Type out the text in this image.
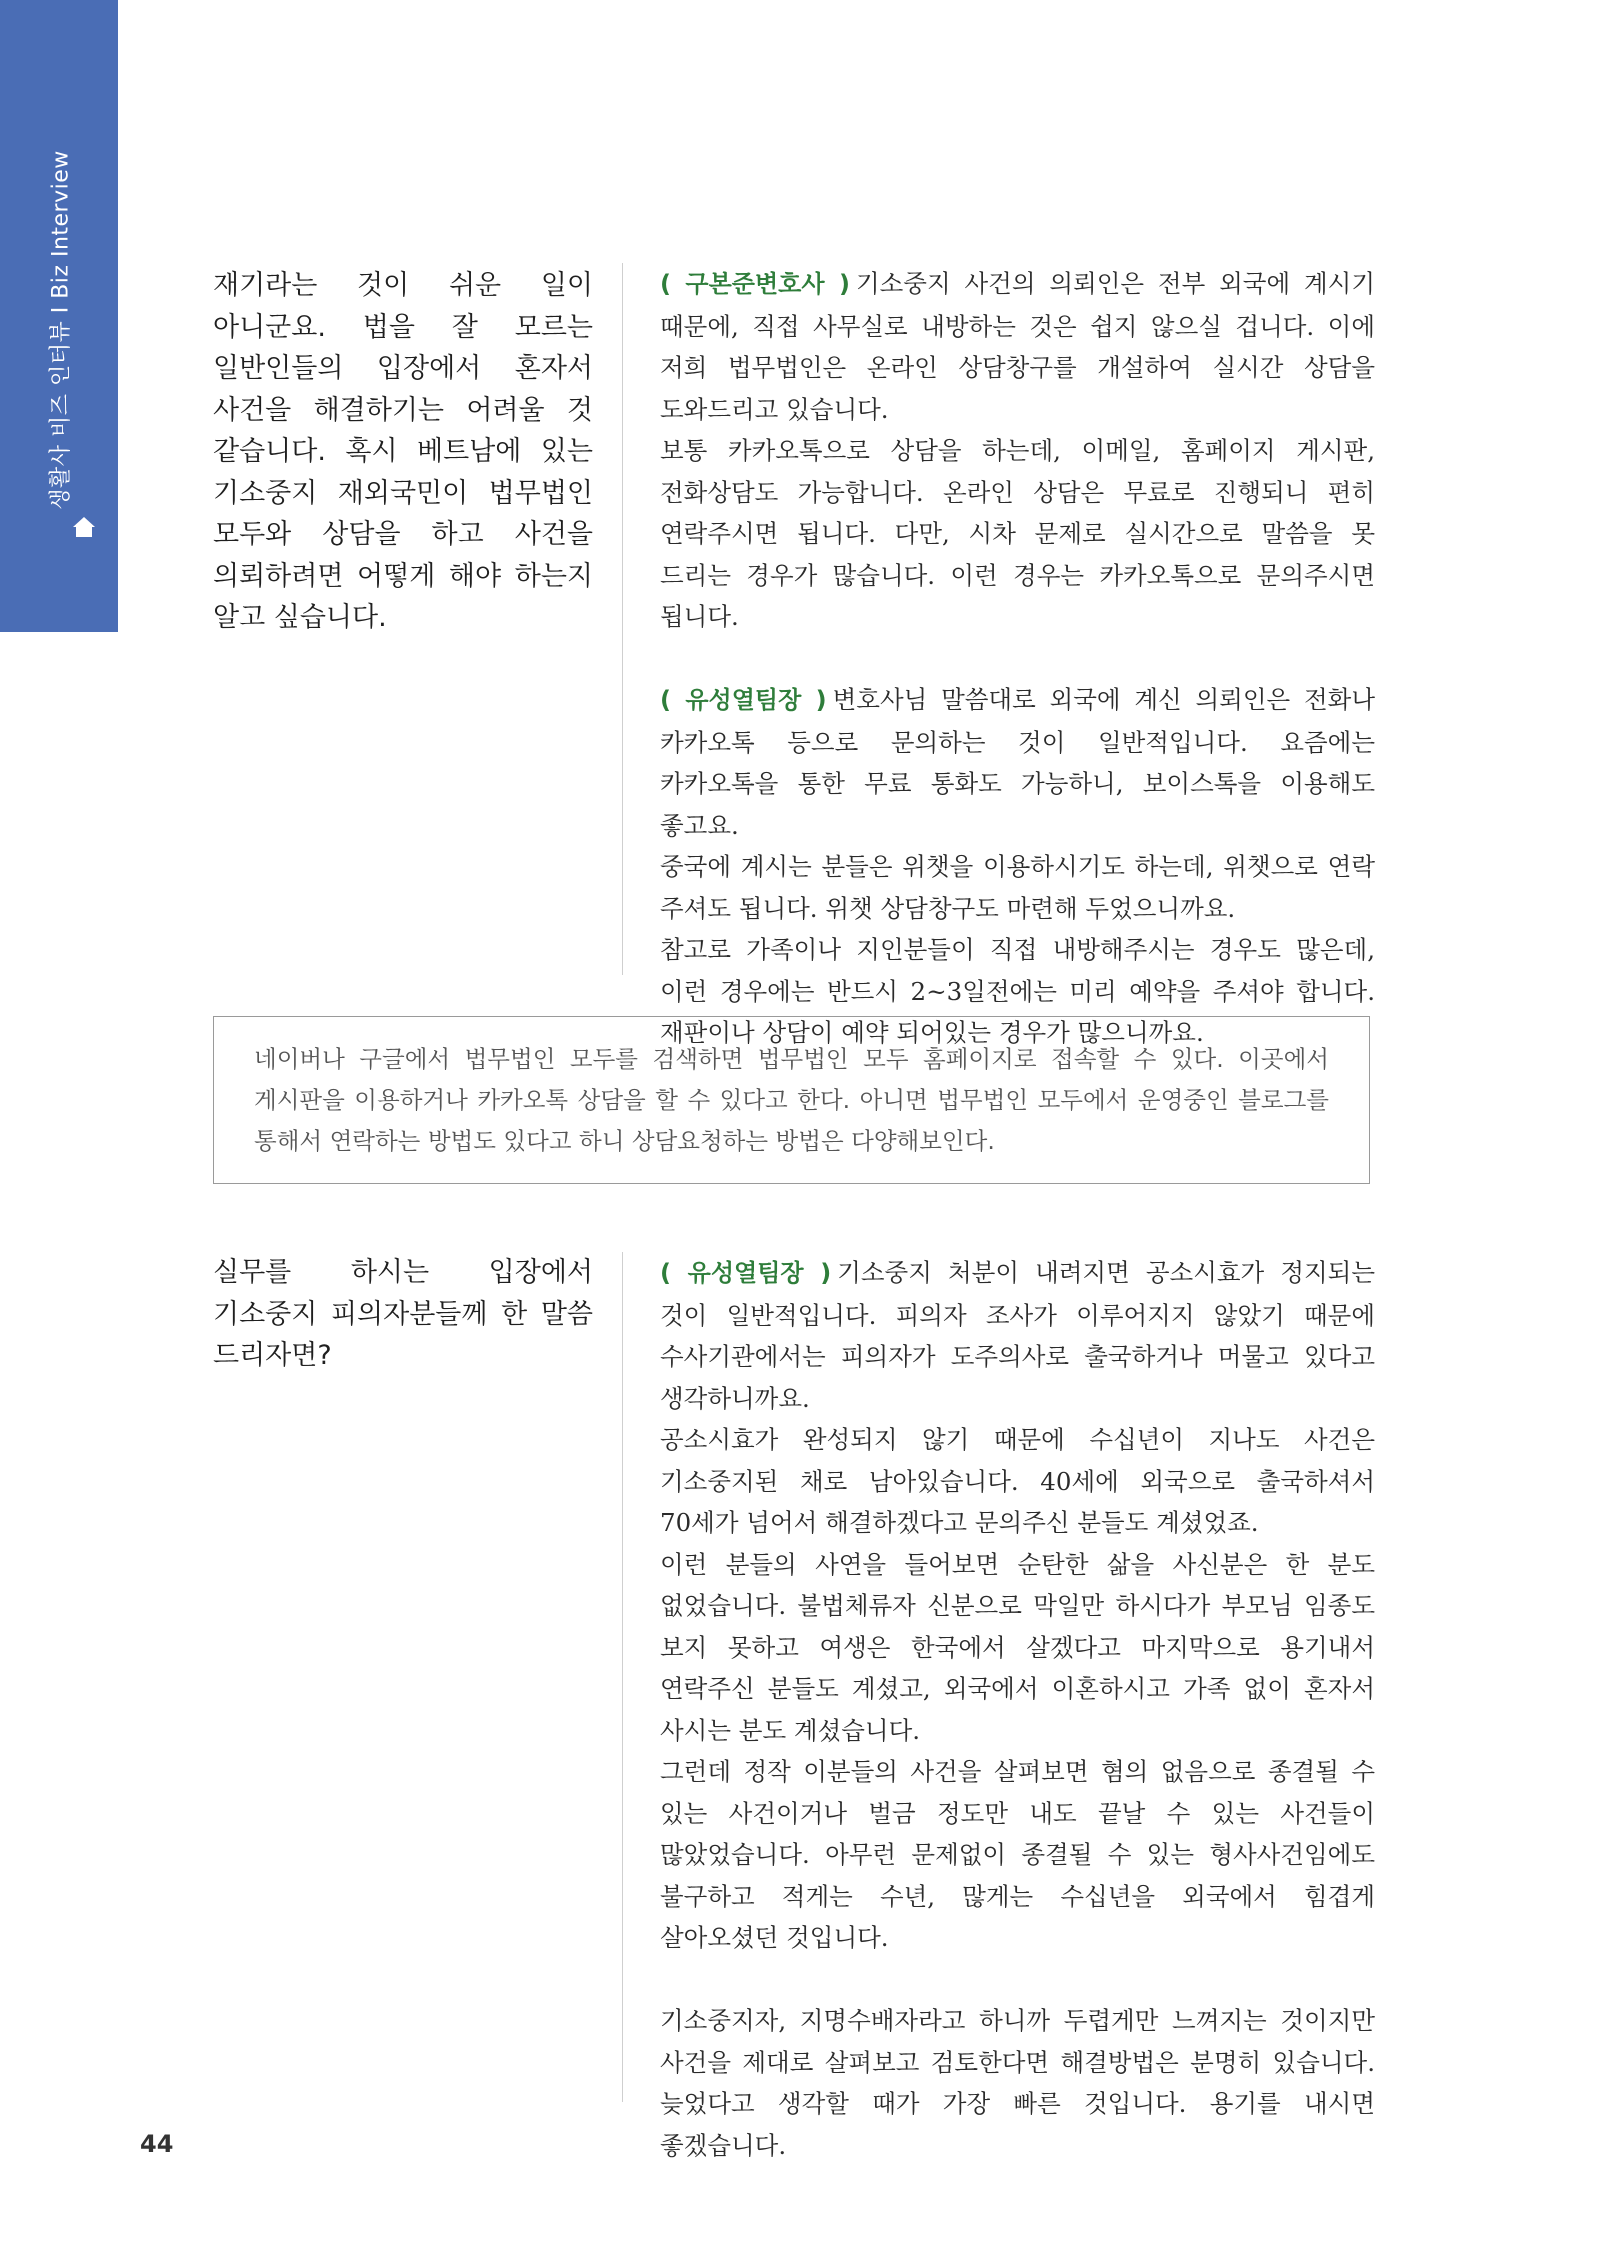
생활사 비즈 인터뷰 I Biz Interview	재기라는 것이 쉬운 일이 아니군요. 법을 잘 모르는 일반인들의 입장에서 혼자서 사건을 해결하기는 어려울 것 같습니다. 혹시 베트남에 있는 기소중지 재외국민이 법무법인 모두와 상담을 하고 사건을 의뢰하려면 어떻게 해야 하는지 알고 싶습니다.

( 구본준변호사 ) 기소중지 사건의 의뢰인은 전부 외국에 계시기 때문에, 직접 사무실로 내방하는 것은 쉽지 않으실 겁니다. 이에 저희 법무법인은 온라인 상담창구를 개설하여 실시간 상담을 도와드리고 있습니다.

보통 카카오톡으로 상담을 하는데, 이메일, 홈페이지 게시판, 전화상담도 가능합니다. 온라인 상담은 무료로 진행되니 편히 연락주시면 됩니다. 다만, 시차 문제로 실시간으로 말씀을 못 드리는 경우가 많습니다. 이런 경우는 카카오톡으로 문의주시면 됩니다.

( 유성열팀장 ) 변호사님 말씀대로 외국에 계신 의뢰인은 전화나 카카오톡 등으로 문의하는 것이 일반적입니다. 요즘에는 카카오톡을 통한 무료 통화도 가능하니, 보이스톡을 이용해도 좋고요.

중국에 계시는 분들은 위챗을 이용하시기도 하는데, 위챗으로 연락 주셔도 됩니다. 위챗 상담창구도 마련해 두었으니까요.

참고로 가족이나 지인분들이 직접 내방해주시는 경우도 많은데, 이런 경우에는 반드시 2~3일전에는 미리 예약을 주셔야 합니다. 재판이나 상담이 예약 되어있는 경우가 많으니까요.

네이버나 구글에서 법무법인 모두를 검색하면 법무법인 모두 홈페이지로 접속할 수 있다. 이곳에서 게시판을 이용하거나 카카오톡 상담을 할 수 있다고 한다. 아니면 법무법인 모두에서 운영중인 블로그를 통해서 연락하는 방법도 있다고 하니 상담요청하는 방법은 다양해보인다.
실무를 하시는 입장에서 기소중지 피의자분들께 한 말씀 드리자면?

( 유성열팀장 ) 기소중지 처분이 내려지면 공소시효가 정지되는 것이 일반적입니다. 피의자 조사가 이루어지지 않았기 때문에 수사기관에서는 피의자가 도주의사로 출국하거나 머물고 있다고 생각하니까요.

공소시효가 완성되지 않기 때문에 수십년이 지나도 사건은 기소중지된 채로 남아있습니다. 40세에 외국으로 출국하셔서 70세가 넘어서 해결하겠다고 문의주신 분들도 계셨었죠.

이런 분들의 사연을 들어보면 순탄한 삶을 사신분은 한 분도 없었습니다. 불법체류자 신분으로 막일만 하시다가 부모님 임종도 보지 못하고 여생은 한국에서 살겠다고 마지막으로 용기내서 연락주신 분들도 계셨고, 외국에서 이혼하시고 가족 없이 혼자서 사시는 분도 계셨습니다.

그런데 정작 이분들의 사건을 살펴보면 혐의 없음으로 종결될 수 있는 사건이거나 벌금 정도만 내도 끝날 수 있는 사건들이 많았었습니다. 아무런 문제없이 종결될 수 있는 형사사건임에도 불구하고 적게는 수년, 많게는 수십년을 외국에서 힘겹게 살아오셨던 것입니다.

기소중지자, 지명수배자라고 하니까 두렵게만 느껴지는 것이지만 사건을 제대로 살펴보고 검토한다면 해결방법은 분명히 있습니다. 늦었다고 생각할 때가 가장 빠른 것입니다. 용기를 내시면 좋겠습니다.

44
